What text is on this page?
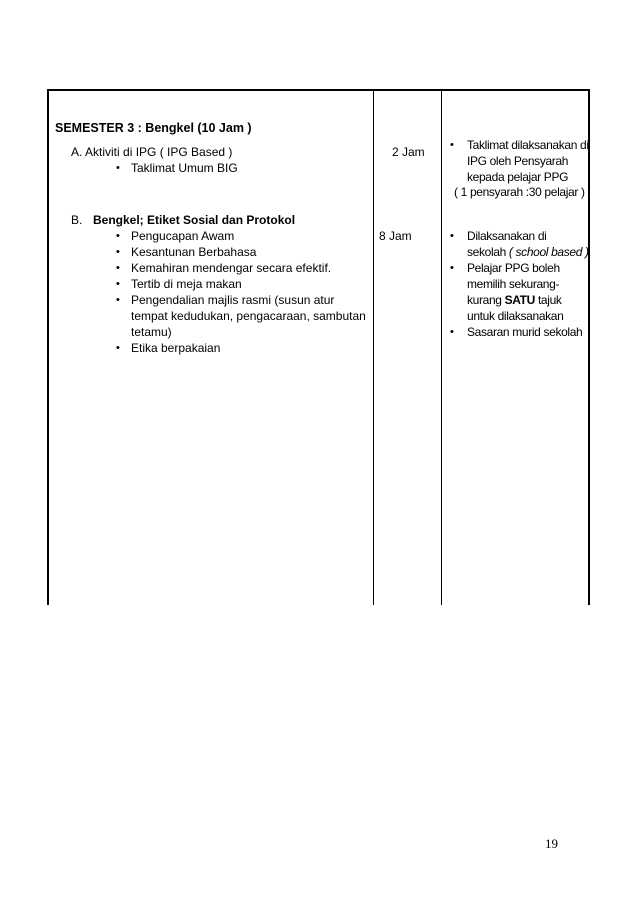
SEMESTER 3 : Bengkel (10 Jam )
A. Aktiviti di IPG ( IPG Based )
• Taklimat Umum BIG
B. Bengkel; Etiket Sosial dan Protokol
• Pengucapan Awam
• Kesantunan Berbahasa
• Kemahiran mendengar secara efektif.
• Tertib di meja makan
• Pengendalian majlis rasmi (susun atur
tempat kedudukan, pengacaraan, sambutan
tetamu)
• Etika berpakaian
2 Jam
8 Jam
• Taklimat dilaksanakan di
IPG oleh Pensyarah
kepada pelajar PPG
( 1 pensyarah :30 pelajar )
• Dilaksanakan di
sekolah ( school based )
• Pelajar PPG boleh
memilih sekurang-
kurang SATU tajuk
untuk dilaksanakan
• Sasaran murid sekolah
19
